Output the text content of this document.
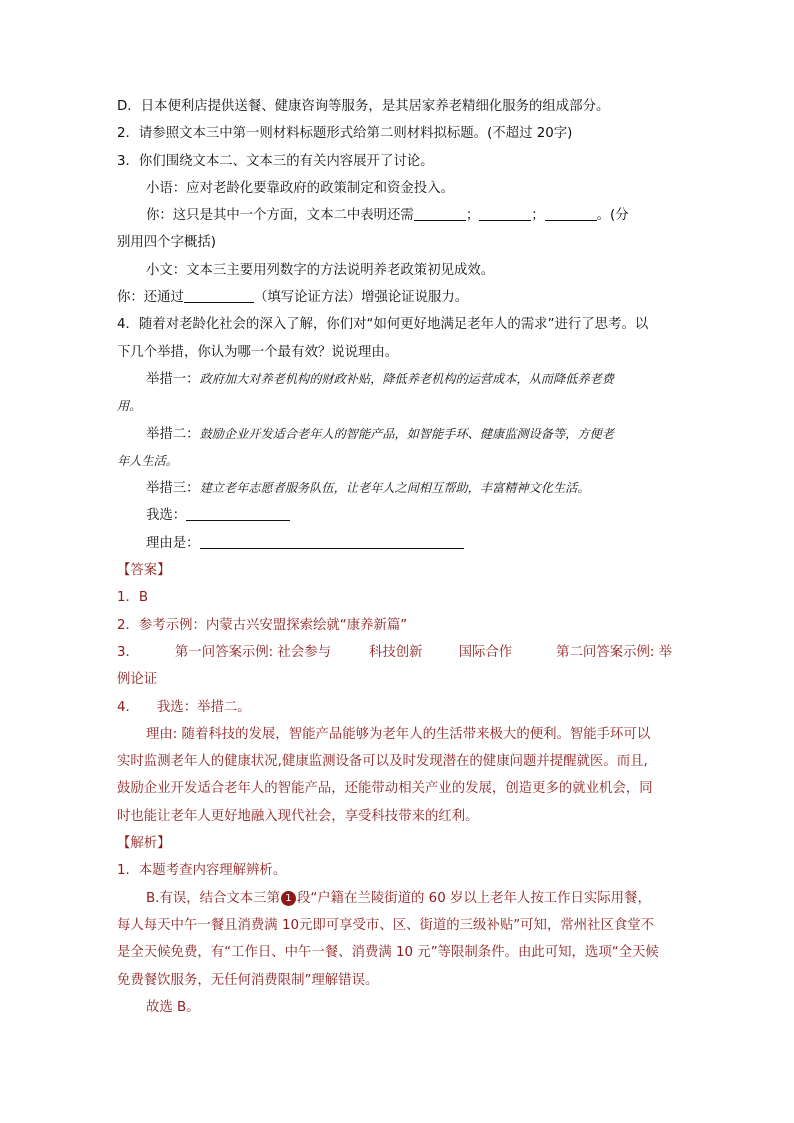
D．日本便利店提供送餐、健康咨询等服务，是其居家养老精细化服务的组成部分。
2．请参照文本三中第一则材料标题形式给第二则材料拟标题。(不超过 20字)
3．你们围绕文本二、文本三的有关内容展开了讨论。
小语：应对老龄化要靠政府的政策制定和资金投入。
你：这只是其中一个方面，文本二中表明还需	；	；	。(分
别用四个字概括)
小文：文本三主要用列数字的方法说明养老政策初见成效。
你：还通过	（填写论证方法）增强论证说服力。
4．随着对老龄化社会的深入了解，你们对“如何更好地满足老年人的需求”进行了思考。以
下几个举措，你认为哪一个最有效？说说理由。
举措一：政府加大对养老机构的财政补贴，降低养老机构的运营成本，从而降低养老费
用。
举措二：鼓励企业开发适合老年人的智能产品，如智能手环、健康监测设备等，方便老
年人生活。
举措三：建立老年志愿者服务队伍，让老年人之间相互帮助，丰富精神文化生活。
我选：
理由是：
【答案】
1．B
2．参考示例：内蒙古兴安盟探索绘就“康养新篇”
3．	第一问答案示例: 社会参与	科技创新	国际合作	第二问答案示例: 举
例论证
4． 我选：举措二。
理由: 随着科技的发展，智能产品能够为老年人的生活带来极大的便利。智能手环可以
实时监测老年人的健康状况,健康监测设备可以及时发现潜在的健康问题并提醒就医。而且,
鼓励企业开发适合老年人的智能产品，还能带动相关产业的发展，创造更多的就业机会，同
时也能让老年人更好地融入现代社会，享受科技带来的红利。
【解析】
1．本题考查内容理解辨析。
B.有误，结合文本三第 1 段“户籍在兰陵街道的 60 岁以上老年人按工作日实际用餐，
每人每天中午一餐且消费满 10元即可享受市、区、街道的三级补贴”可知，常州社区食堂不
是全天候免费，有“工作日、中午一餐、消费满 10 元”等限制条件。由此可知，选项“全天候
免费餐饮服务，无任何消费限制”理解错误。
故选 B。
